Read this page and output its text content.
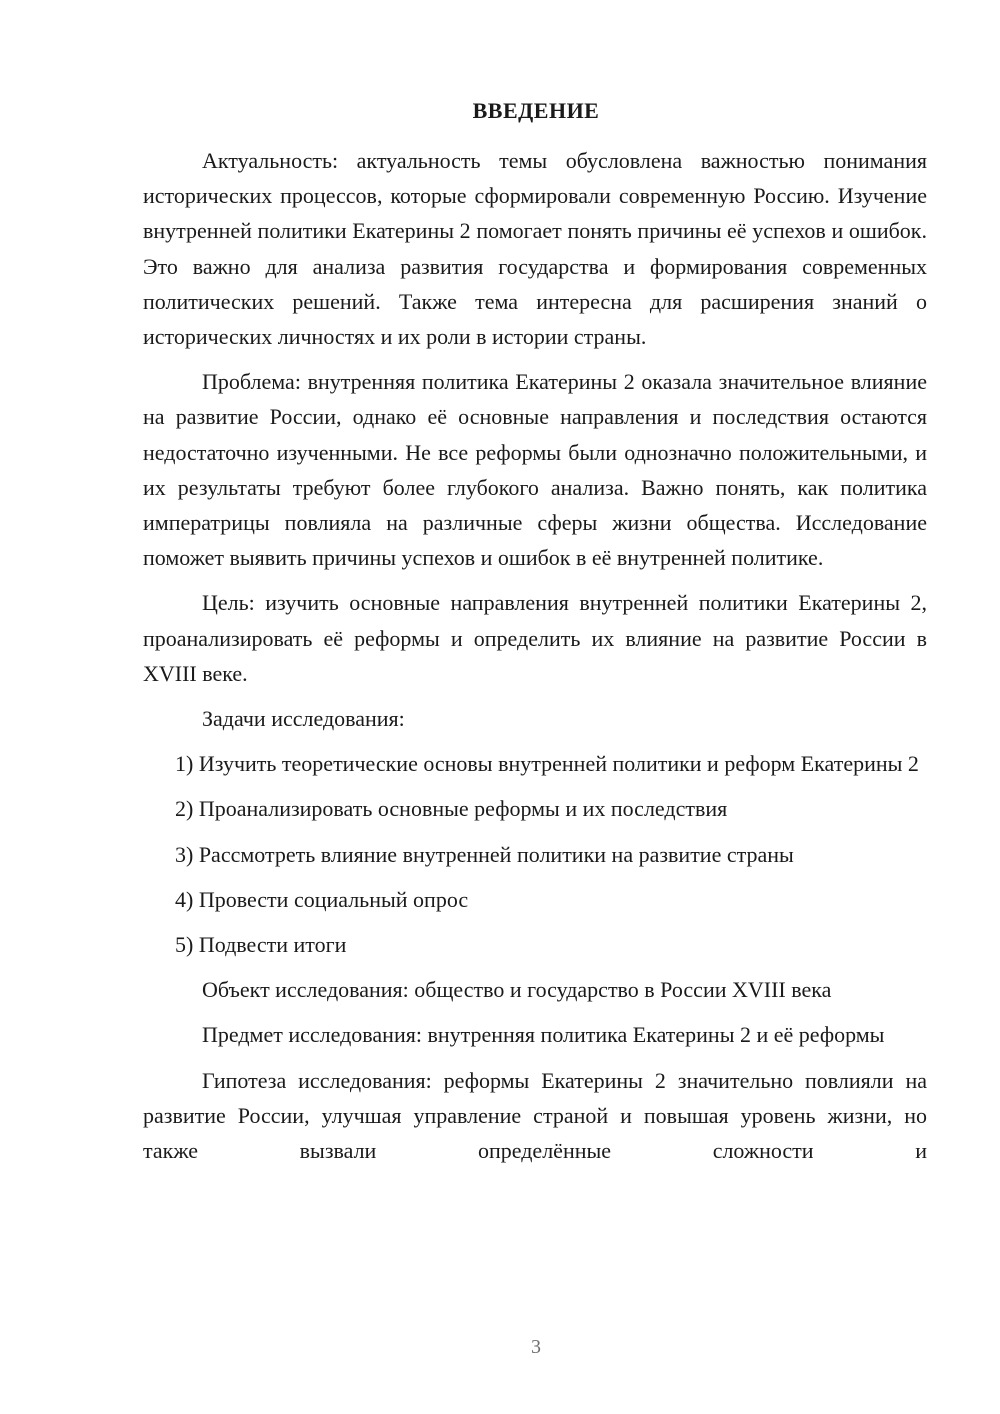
ВВЕДЕНИЕ

Актуальность: актуальность темы обусловлена важностью понимания исторических процессов, которые сформировали современную Россию. Изучение внутренней политики Екатерины 2 помогает понять причины её успехов и ошибок. Это важно для анализа развития государства и формирования современных политических решений. Также тема интересна для расширения знаний о исторических личностях и их роли в истории страны.

Проблема: внутренняя политика Екатерины 2 оказала значительное влияние на развитие России, однако её основные направления и последствия остаются недостаточно изученными. Не все реформы были однозначно положительными, и их результаты требуют более глубокого анализа. Важно понять, как политика императрицы повлияла на различные сферы жизни общества. Исследование поможет выявить причины успехов и ошибок в её внутренней политике.

Цель: изучить основные направления внутренней политики Екатерины 2, проанализировать её реформы и определить их влияние на развитие России в XVIII веке.

Задачи исследования:

1) Изучить теоретические основы внутренней политики и реформ Екатерины 2

2) Проанализировать основные реформы и их последствия

3) Рассмотреть влияние внутренней политики на развитие страны

4) Провести социальный опрос

5) Подвести итоги

Объект исследования: общество и государство в России XVIII века

Предмет исследования: внутренняя политика Екатерины 2 и её реформы

Гипотеза исследования: реформы Екатерины 2 значительно повлияли на развитие России, улучшая управление страной и повышая уровень жизни, но также вызвали определённые сложности и

3
